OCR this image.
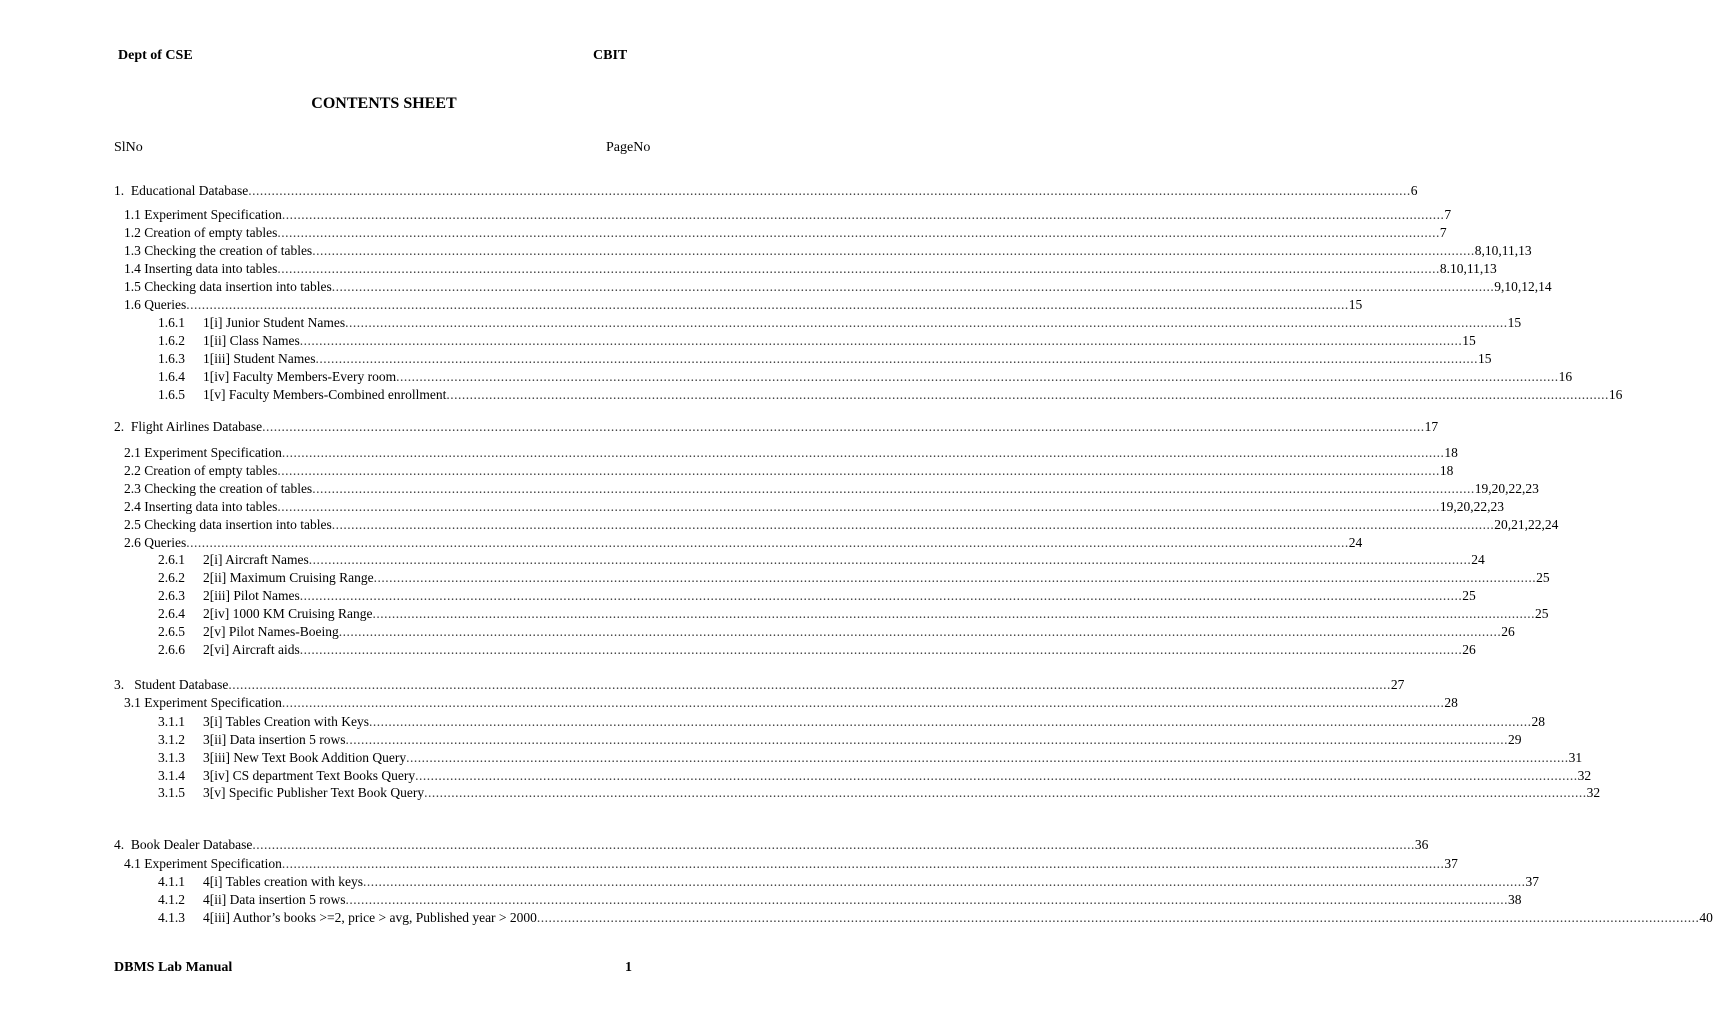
Dept of CSE	CBIT
CONTENTS SHEET
SlNo	PageNo
1.  Educational Database ............................................................................................................................................................................................................................................................................................................ 6
1.1 Experiment Specification ............................................................................................................................................................................................................................................................................................................ 7
1.2 Creation of empty tables ............................................................................................................................................................................................................................................................................................................ 7
1.3 Checking the creation of tables ............................................................................................................................................................................................................................................................................................................ 8,10,11,13
1.4 Inserting data into tables ............................................................................................................................................................................................................................................................................................................ 8.10,11,13
1.5 Checking data insertion into tables ............................................................................................................................................................................................................................................................................................................ 9,10,12,14
1.6 Queries ............................................................................................................................................................................................................................................................................................................ 15
1.6.1 1[i] Junior Student Names ............................................................................................................................................................................................................................................................................................................ 15
1.6.2 1[ii] Class Names ............................................................................................................................................................................................................................................................................................................ 15
1.6.3 1[iii] Student Names ............................................................................................................................................................................................................................................................................................................ 15
1.6.4 1[iv] Faculty Members-Every room ............................................................................................................................................................................................................................................................................................................ 16
1.6.5 1[v] Faculty Members-Combined enrollment ............................................................................................................................................................................................................................................................................................................ 16
2.  Flight Airlines Database ............................................................................................................................................................................................................................................................................................................ 17
2.1 Experiment Specification ............................................................................................................................................................................................................................................................................................................ 18
2.2 Creation of empty tables ............................................................................................................................................................................................................................................................................................................ 18
2.3 Checking the creation of tables ............................................................................................................................................................................................................................................................................................................ 19,20,22,23
2.4 Inserting data into tables ............................................................................................................................................................................................................................................................................................................ 19,20,22,23
2.5 Checking data insertion into tables ............................................................................................................................................................................................................................................................................................................ 20,21,22,24
2.6 Queries ............................................................................................................................................................................................................................................................................................................ 24
2.6.1 2[i] Aircraft Names ............................................................................................................................................................................................................................................................................................................ 24
2.6.2 2[ii] Maximum Cruising Range ............................................................................................................................................................................................................................................................................................................ 25
2.6.3 2[iii] Pilot Names ............................................................................................................................................................................................................................................................................................................ 25
2.6.4 2[iv] 1000 KM Cruising Range ............................................................................................................................................................................................................................................................................................................ 25
2.6.5 2[v] Pilot Names-Boeing ............................................................................................................................................................................................................................................................................................................ 26
2.6.6 2[vi] Aircraft aids ............................................................................................................................................................................................................................................................................................................ 26
3.   Student Database ............................................................................................................................................................................................................................................................................................................ 27
3.1 Experiment Specification ............................................................................................................................................................................................................................................................................................................ 28
3.1.1 3[i] Tables Creation with Keys ............................................................................................................................................................................................................................................................................................................ 28
3.1.2 3[ii] Data insertion 5 rows ............................................................................................................................................................................................................................................................................................................ 29
3.1.3 3[iii] New Text Book Addition Query ............................................................................................................................................................................................................................................................................................................ 31
3.1.4 3[iv] CS department Text Books Query ............................................................................................................................................................................................................................................................................................................ 32
3.1.5 3[v] Specific Publisher Text Book Query ............................................................................................................................................................................................................................................................................................................ 32
4.  Book Dealer Database ............................................................................................................................................................................................................................................................................................................ 36
4.1 Experiment Specification ............................................................................................................................................................................................................................................................................................................ 37
4.1.1 4[i] Tables creation with keys ............................................................................................................................................................................................................................................................................................................ 37
4.1.2 4[ii] Data insertion 5 rows ............................................................................................................................................................................................................................................................................................................ 38
4.1.3 4[iii] Author’s books >=2, price > avg, Published year > 2000 ............................................................................................................................................................................................................................................................................................................ 40
DBMS Lab Manual	1
